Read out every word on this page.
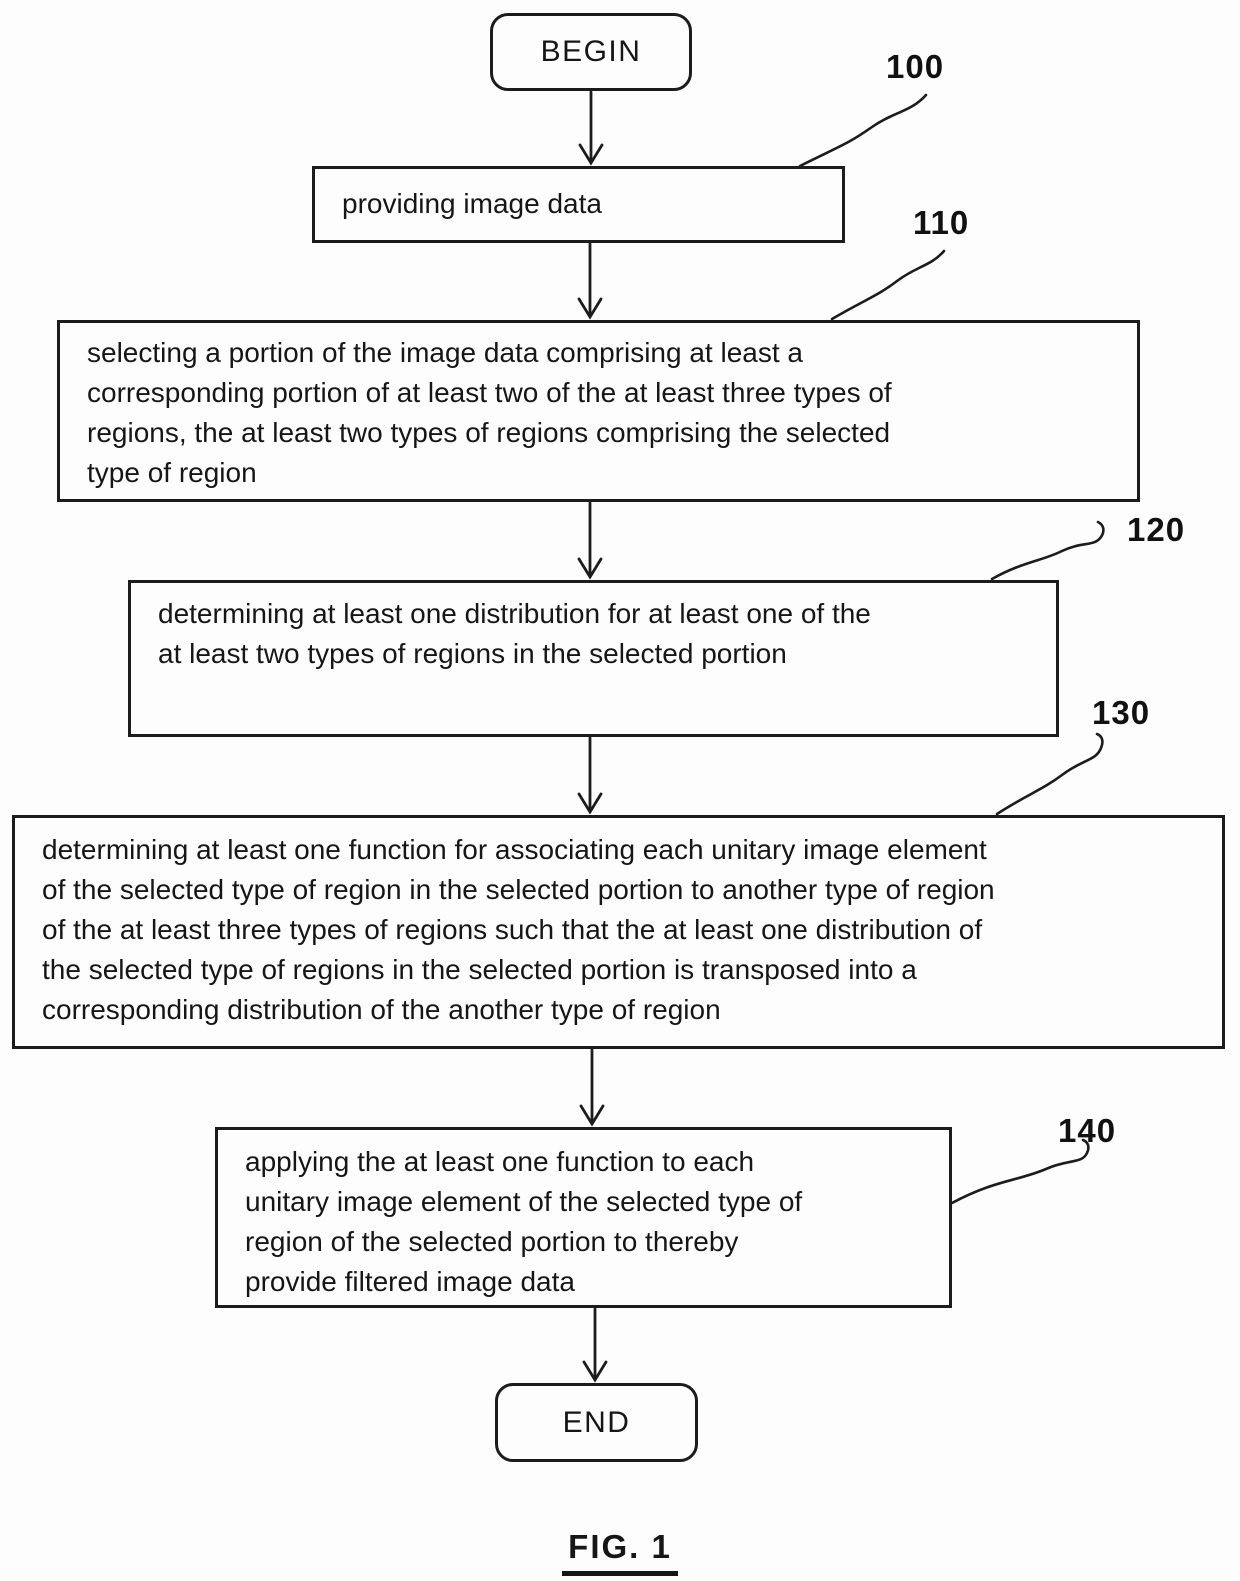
BEGIN
END
providing image data
selecting a portion of the image data comprising at least a
corresponding portion of at least two of the at least three types of
regions, the at least two types of regions comprising the selected
type of region
determining at least one distribution for at least one of the
at least two types of regions in the selected portion
determining at least one function for associating each unitary image element
of the selected type of region in the selected portion to another type of region
of the at least three types of regions such that the at least one distribution of
the selected type of regions in the selected portion is transposed into a
corresponding distribution of the another type of region
applying the at least one function to each
unitary image element of the selected type of
region of the selected portion to thereby
provide filtered image data
100
110
120
130
140
FIG. 1
